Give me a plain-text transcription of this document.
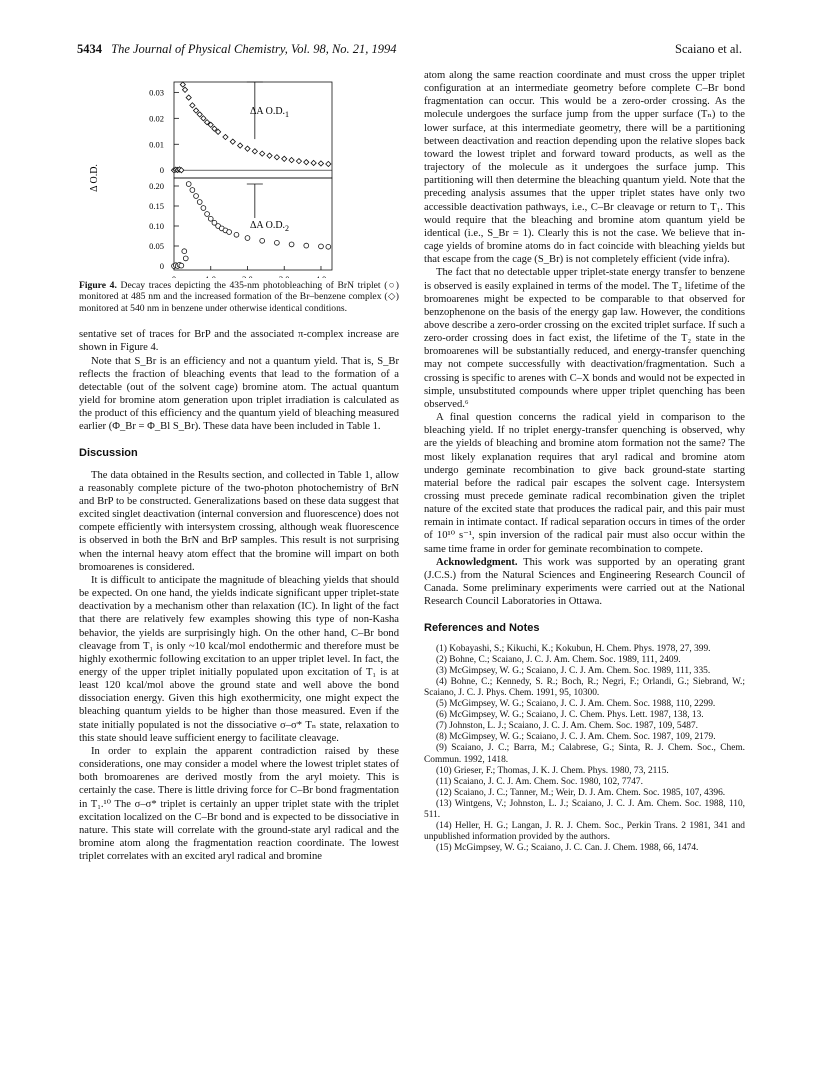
5434 The Journal of Physical Chemistry, Vol. 98, No. 21, 1994	Scaiano et al.
0.03
0.02
0.01
0
0.20
0.15
0.10
0.05
0
Δ O.D.
ΔA $O.D._1$
ΔA $O.D._2$
Figure 4. Decay traces depicting the 435-nm photobleaching of BrN triplet (○) monitored at 485 nm and the increased formation of the Br–benzene complex (◇) monitored at 540 nm in benzene under otherwise identical conditions.

sentative set of traces for BrP and the associated π-complex increase are shown in Figure 4.

Note that S_Br is an efficiency and not a quantum yield. That is, S_Br reflects the fraction of bleaching events that lead to the formation of a detectable (out of the solvent cage) bromine atom. The actual quantum yield for bromine atom generation upon triplet irradiation is calculated as the product of this efficiency and the quantum yield of bleaching measured earlier (Φ_Br = Φ_Bl S_Br). These data have been included in Table 1.

Discussion

The data obtained in the Results section, and collected in Table 1, allow a reasonably complete picture of the two-photon photochemistry of BrN and BrP to be constructed. Generalizations based on these data suggest that excited singlet deactivation (internal conversion and fluorescence) does not compete efficiently with intersystem crossing, although weak fluorescence is observed in both the BrN and BrP samples. This result is not surprising when the internal heavy atom effect that the bromine will impart on both bromoarenes is considered.

It is difficult to anticipate the magnitude of bleaching yields that should be expected. On one hand, the yields indicate significant upper triplet-state deactivation by a mechanism other than relaxation (IC). In light of the fact that there are relatively few examples showing this type of non-Kasha behavior, the yields are surprisingly high. On the other hand, C–Br bond cleavage from T₁ is only ~10 kcal/mol endothermic and therefore must be highly exothermic following excitation to an upper triplet level. In fact, the energy of the upper triplet initially populated upon excitation of T₁ is at least 120 kcal/mol above the ground state and well above the bond dissociation energy. Given this high exothermicity, one might expect the bleaching quantum yields to be higher than those measured. Even if the state initially populated is not the dissociative σ–σ* Tₙ state, relaxation to this state should leave sufficient energy to facilitate cleavage.

In order to explain the apparent contradiction raised by these considerations, one may consider a model where the lowest triplet states of both bromoarenes are derived mostly from the aryl moiety. This is certainly the case. There is little driving force for C–Br bond fragmentation in T₁.¹⁰ The σ–σ* triplet is certainly an upper triplet state with the triplet excitation localized on the C–Br bond and is expected to be dissociative in nature. This state will correlate with the ground-state aryl radical and the bromine atom along the fragmentation reaction coordinate. The lowest triplet correlates with an excited aryl radical and bromine

atom along the same reaction coordinate and must cross the upper triplet configuration at an intermediate geometry before complete C–Br bond fragmentation can occur. This would be a zero-order crossing. As the molecule undergoes the surface jump from the upper surface (Tₙ) to the lower surface, at this intermediate geometry, there will be a partitioning between deactivation and reaction depending upon the relative slopes back toward the lowest triplet and forward toward products, as well as the trajectory of the molecule as it undergoes the surface jump. This partitioning will then determine the bleaching quantum yield. Note that the preceding analysis assumes that the upper triplet states have only two accessible deactivation pathways, i.e., C–Br cleavage or return to T₁. This would require that the bleaching and bromine atom quantum yield be identical (i.e., S_Br = 1). Clearly this is not the case. We believe that in-cage yields of bromine atoms do in fact coincide with bleaching yields but that escape from the cage (S_Br) is not completely efficient (vide infra).

The fact that no detectable upper triplet-state energy transfer to benzene is observed is easily explained in terms of the model. The T₂ lifetime of the bromoarenes might be expected to be comparable to that observed for benzophenone on the basis of the energy gap law. However, the conditions above describe a zero-order crossing on the excited triplet surface. If such a zero-order crossing does in fact exist, the lifetime of the T₂ state in the bromoarenes will be substantially reduced, and energy-transfer quenching may not compete successfully with deactivation/fragmentation. Such a crossing is specific to arenes with C–X bonds and would not be expected in simple, unsubstituted compounds where upper triplet quenching has been observed.⁶

A final question concerns the radical yield in comparison to the bleaching yield. If no triplet energy-transfer quenching is observed, why are the yields of bleaching and bromine atom formation not the same? The most likely explanation requires that aryl radical and bromine atom undergo geminate recombination to give back ground-state starting material before the radical pair escapes the solvent cage. Intersystem crossing must precede geminate radical recombination given the triplet nature of the excited state that produces the radical pair, and this pair must remain in intimate contact. If radical separation occurs in times of the order of 10¹⁰ s⁻¹, spin inversion of the radical pair must also occur within the same time frame in order for geminate recombination to compete.

Acknowledgment. This work was supported by an operating grant (J.C.S.) from the Natural Sciences and Engineering Research Council of Canada. Some preliminary experiments were carried out at the National Research Council Laboratories in Ottawa.

References and Notes

(1) Kobayashi, S.; Kikuchi, K.; Kokubun, H. Chem. Phys. 1978, 27, 399.

(2) Bohne, C.; Scaiano, J. C. J. Am. Chem. Soc. 1989, 111, 2409.

(3) McGimpsey, W. G.; Scaiano, J. C. J. Am. Chem. Soc. 1989, 111, 335.

(4) Bohne, C.; Kennedy, S. R.; Boch, R.; Negri, F.; Orlandi, G.; Siebrand, W.; Scaiano, J. C. J. Phys. Chem. 1991, 95, 10300.

(5) McGimpsey, W. G.; Scaiano, J. C. J. Am. Chem. Soc. 1988, 110, 2299.

(6) McGimpsey, W. G.; Scaiano, J. C. Chem. Phys. Lett. 1987, 138, 13.

(7) Johnston, L. J.; Scaiano, J. C. J. Am. Chem. Soc. 1987, 109, 5487.

(8) McGimpsey, W. G.; Scaiano, J. C. J. Am. Chem. Soc. 1987, 109, 2179.

(9) Scaiano, J. C.; Barra, M.; Calabrese, G.; Sinta, R. J. Chem. Soc., Chem. Commun. 1992, 1418.

(10) Grieser, F.; Thomas, J. K. J. Chem. Phys. 1980, 73, 2115.

(11) Scaiano, J. C. J. Am. Chem. Soc. 1980, 102, 7747.

(12) Scaiano, J. C.; Tanner, M.; Weir, D. J. Am. Chem. Soc. 1985, 107, 4396.

(13) Wintgens, V.; Johnston, L. J.; Scaiano, J. C. J. Am. Chem. Soc. 1988, 110, 511.

(14) Heller, H. G.; Langan, J. R. J. Chem. Soc., Perkin Trans. 2 1981, 341 and unpublished information provided by the authors.

(15) McGimpsey, W. G.; Scaiano, J. C. Can. J. Chem. 1988, 66, 1474.
